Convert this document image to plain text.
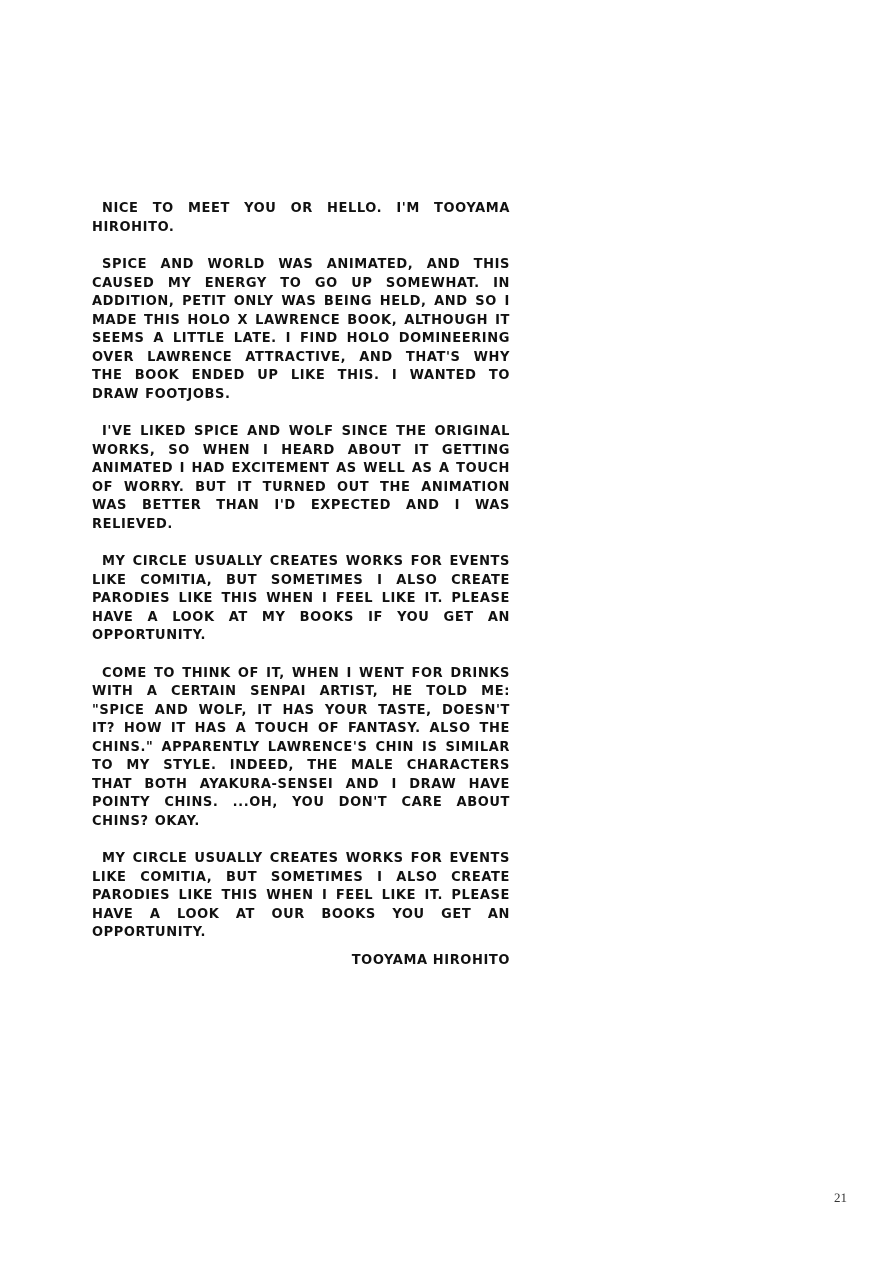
NICE TO MEET YOU OR HELLO. I'M TOOYAMA HIROHITO.

SPICE AND WORLD WAS ANIMATED, AND THIS CAUSED MY ENERGY TO GO UP SOMEWHAT. IN ADDITION, PETIT ONLY WAS BEING HELD, AND SO I MADE THIS HOLO X LAWRENCE BOOK, ALTHOUGH IT SEEMS A LITTLE LATE. I FIND HOLO DOMINEERING OVER LAWRENCE ATTRACTIVE, AND THAT'S WHY THE BOOK ENDED UP LIKE THIS. I WANTED TO DRAW FOOTJOBS.

I'VE LIKED SPICE AND WOLF SINCE THE ORIGINAL WORKS, SO WHEN I HEARD ABOUT IT GETTING ANIMATED I HAD EXCITEMENT AS WELL AS A TOUCH OF WORRY. BUT IT TURNED OUT THE ANIMATION WAS BETTER THAN I'D EXPECTED AND I WAS RELIEVED.

MY CIRCLE USUALLY CREATES WORKS FOR EVENTS LIKE COMITIA, BUT SOMETIMES I ALSO CREATE PARODIES LIKE THIS WHEN I FEEL LIKE IT. PLEASE HAVE A LOOK AT MY BOOKS IF YOU GET AN OPPORTUNITY.

COME TO THINK OF IT, WHEN I WENT FOR DRINKS WITH A CERTAIN SENPAI ARTIST, HE TOLD ME: "SPICE AND WOLF, IT HAS YOUR TASTE, DOESN'T IT? HOW IT HAS A TOUCH OF FANTASY. ALSO THE CHINS." APPARENTLY LAWRENCE'S CHIN IS SIMILAR TO MY STYLE. INDEED, THE MALE CHARACTERS THAT BOTH AYAKURA-SENSEI AND I DRAW HAVE POINTY CHINS. ...OH, YOU DON'T CARE ABOUT CHINS? OKAY.

MY CIRCLE USUALLY CREATES WORKS FOR EVENTS LIKE COMITIA, BUT SOMETIMES I ALSO CREATE PARODIES LIKE THIS WHEN I FEEL LIKE IT. PLEASE HAVE A LOOK AT OUR BOOKS YOU GET AN OPPORTUNITY.

TOOYAMA HIROHITO
21
